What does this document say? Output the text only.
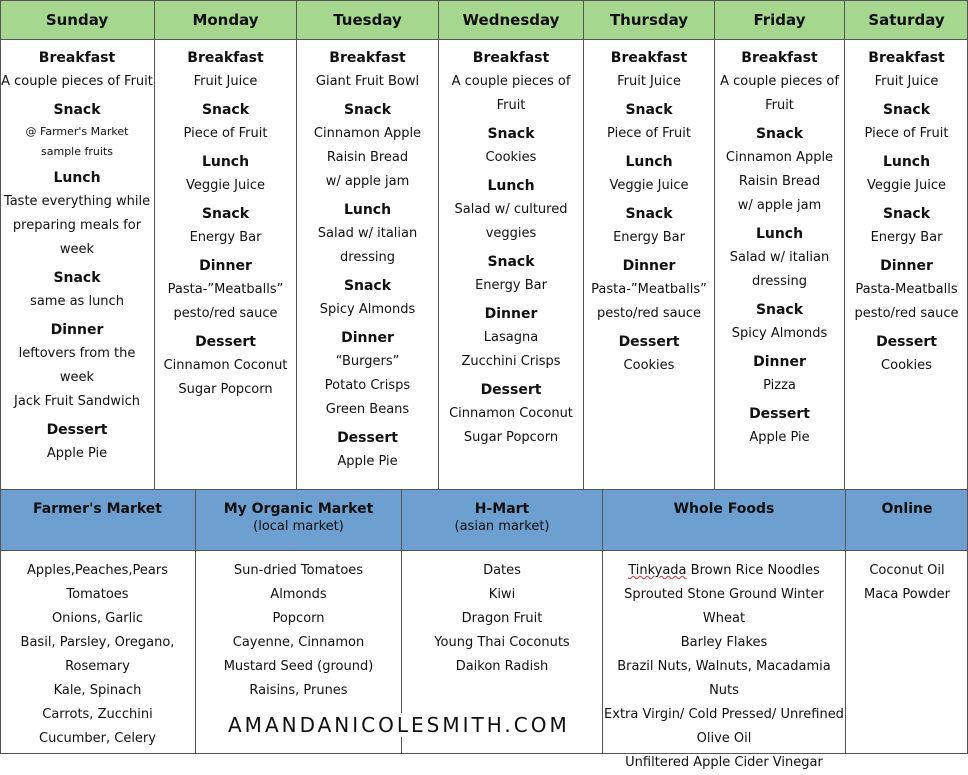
Sunday
Breakfast
A couple pieces of Fruit
Snack
@ Farmer's Market
sample fruits
Lunch
Taste everything while
preparing meals for week
Snack
same as lunch
Dinner
leftovers from the week
Jack Fruit Sandwich
Dessert
Apple Pie
Monday
Breakfast
Fruit Juice
Snack
Piece of Fruit
Lunch
Veggie Juice
Snack
Energy Bar
Dinner
Pasta-”Meatballs”
pesto/red sauce
Dessert
Cinnamon Coconut
Sugar Popcorn
Tuesday
Breakfast
Giant Fruit Bowl
Snack
Cinnamon Apple
Raisin Bread
w/ apple jam
Lunch
Salad w/ italian
dressing
Snack
Spicy Almonds
Dinner
“Burgers”
Potato Crisps
Green Beans
Dessert
Apple Pie
Wednesday
Breakfast
A couple pieces of
Fruit
Snack
Cookies
Lunch
Salad w/ cultured
veggies
Snack
Energy Bar
Dinner
Lasagna
Zucchini Crisps
Dessert
Cinnamon Coconut
Sugar Popcorn
Thursday
Breakfast
Fruit Juice
Snack
Piece of Fruit
Lunch
Veggie Juice
Snack
Energy Bar
Dinner
Pasta-”Meatballs”
pesto/red sauce
Dessert
Cookies
Friday
Breakfast
A couple pieces of
Fruit
Snack
Cinnamon Apple
Raisin Bread
w/ apple jam
Lunch
Salad w/ italian
dressing
Snack
Spicy Almonds
Dinner
Pizza
Dessert
Apple Pie
Saturday
Breakfast
Fruit Juice
Snack
Piece of Fruit
Lunch
Veggie Juice
Snack
Energy Bar
Dinner
Pasta-Meatballs
pesto/red sauce
Dessert
Cookies
Farmer's Market
Apples,Peaches,Pears
Tomatoes
Onions, Garlic
Basil, Parsley, Oregano,
Rosemary
Kale, Spinach
Carrots, Zucchini
Cucumber, Celery
My Organic Market
(local market)
Sun-dried Tomatoes
Almonds
Popcorn
Cayenne, Cinnamon
Mustard Seed (ground)
Raisins, Prunes
H-Mart
(asian market)
Dates
Kiwi
Dragon Fruit
Young Thai Coconuts
Daikon Radish
Whole Foods
Tinkyada Brown Rice Noodles
Sprouted Stone Ground Winter Wheat
Barley Flakes
Brazil Nuts, Walnuts, Macadamia Nuts
Extra Virgin/ Cold Pressed/ Unrefined
Olive Oil
Unfiltered Apple Cider Vinegar
Online
Coconut Oil
Maca Powder
AMANDANICOLESMITH.COM
